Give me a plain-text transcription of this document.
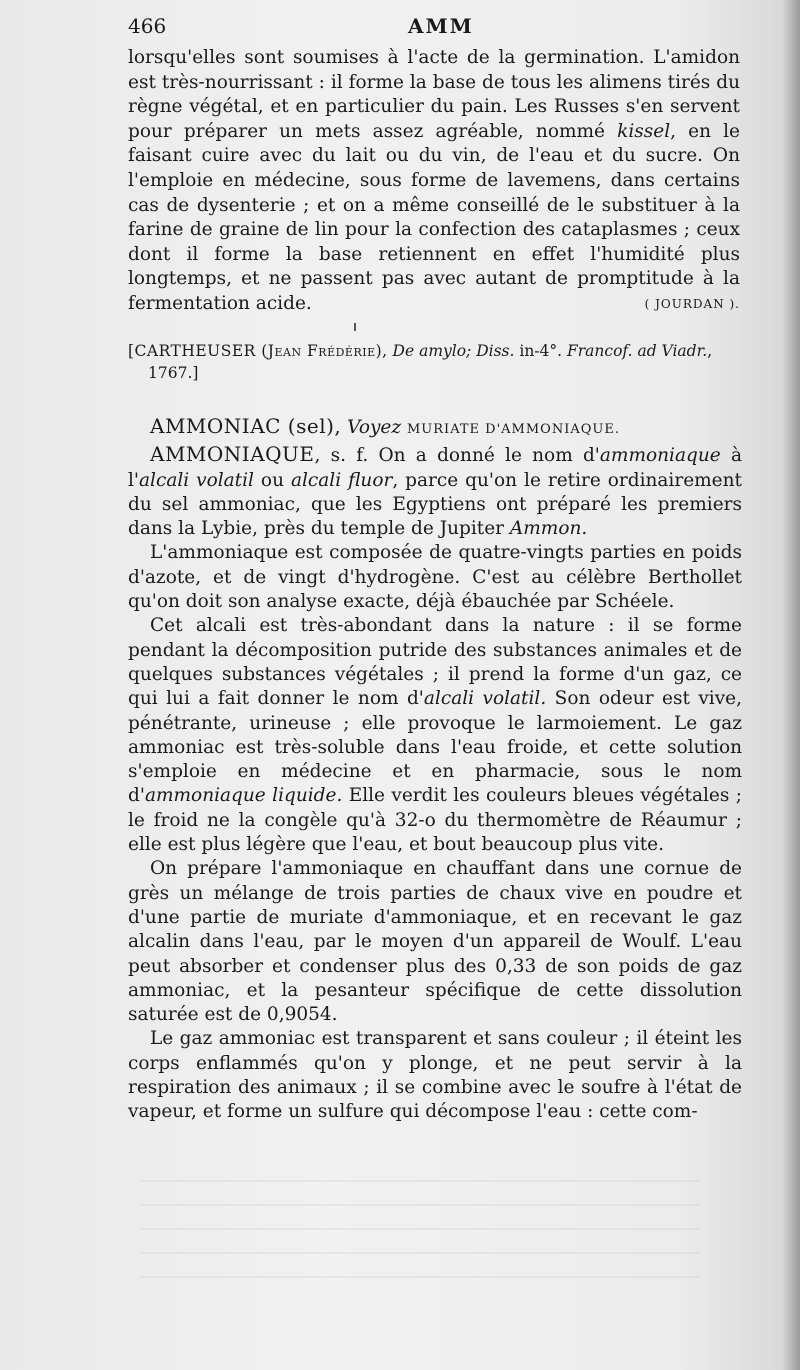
466	AMM

lorsqu'elles sont soumises à l'acte de la germination. L'amidon est très-nourrissant : il forme la base de tous les alimens tirés du règne végétal, et en particulier du pain. Les Russes s'en servent pour préparer un mets assez agréable, nommé kissel, en le faisant cuire avec du lait ou du vin, de l'eau et du sucre. On l'emploie en médecine, sous forme de lavemens, dans certains cas de dysenterie ; et on a même conseillé de le substituer à la farine de graine de lin pour la confection des cataplasmes ; ceux dont il forme la base retiennent en effet l'humidité plus longtemps, et ne passent pas avec autant de promptitude à la fermentation acide.	( JOURDAN ).

[CARTHEUSER (Jean Frédérie), De amylo; Diss. in-4°. Francof. ad Viadr.,
1767.]

AMMONIAC (sel), Voyez MURIATE D'AMMONIAQUE.

AMMONIAQUE, s. f. On a donné le nom d'ammoniaque à l'alcali volatil ou alcali fluor, parce qu'on le retire ordinairement du sel ammoniac, que les Egyptiens ont préparé les premiers dans la Lybie, près du temple de Jupiter Ammon.

L'ammoniaque est composée de quatre-vingts parties en poids d'azote, et de vingt d'hydrogène. C'est au célèbre Berthollet qu'on doit son analyse exacte, déjà ébauchée par Schéele.

Cet alcali est très-abondant dans la nature : il se forme pendant la décomposition putride des substances animales et de quelques substances végétales ; il prend la forme d'un gaz, ce qui lui a fait donner le nom d'alcali volatil. Son odeur est vive, pénétrante, urineuse ; elle provoque le larmoiement. Le gaz ammoniac est très-soluble dans l'eau froide, et cette solution s'emploie en médecine et en pharmacie, sous le nom d'ammoniaque liquide. Elle verdit les couleurs bleues végétales ; le froid ne la congèle qu'à 32-o du thermomètre de Réaumur ; elle est plus légère que l'eau, et bout beaucoup plus vite.

On prépare l'ammoniaque en chauffant dans une cornue de grès un mélange de trois parties de chaux vive en poudre et d'une partie de muriate d'ammoniaque, et en recevant le gaz alcalin dans l'eau, par le moyen d'un appareil de Woulf. L'eau peut absorber et condenser plus des 0,33 de son poids de gaz ammoniac, et la pesanteur spécifique de cette dissolution saturée est de 0,9054.

Le gaz ammoniac est transparent et sans couleur ; il éteint les corps enflammés qu'on y plonge, et ne peut servir à la respiration des animaux ; il se combine avec le soufre à l'état de vapeur, et forme un sulfure qui décompose l'eau : cette com-
